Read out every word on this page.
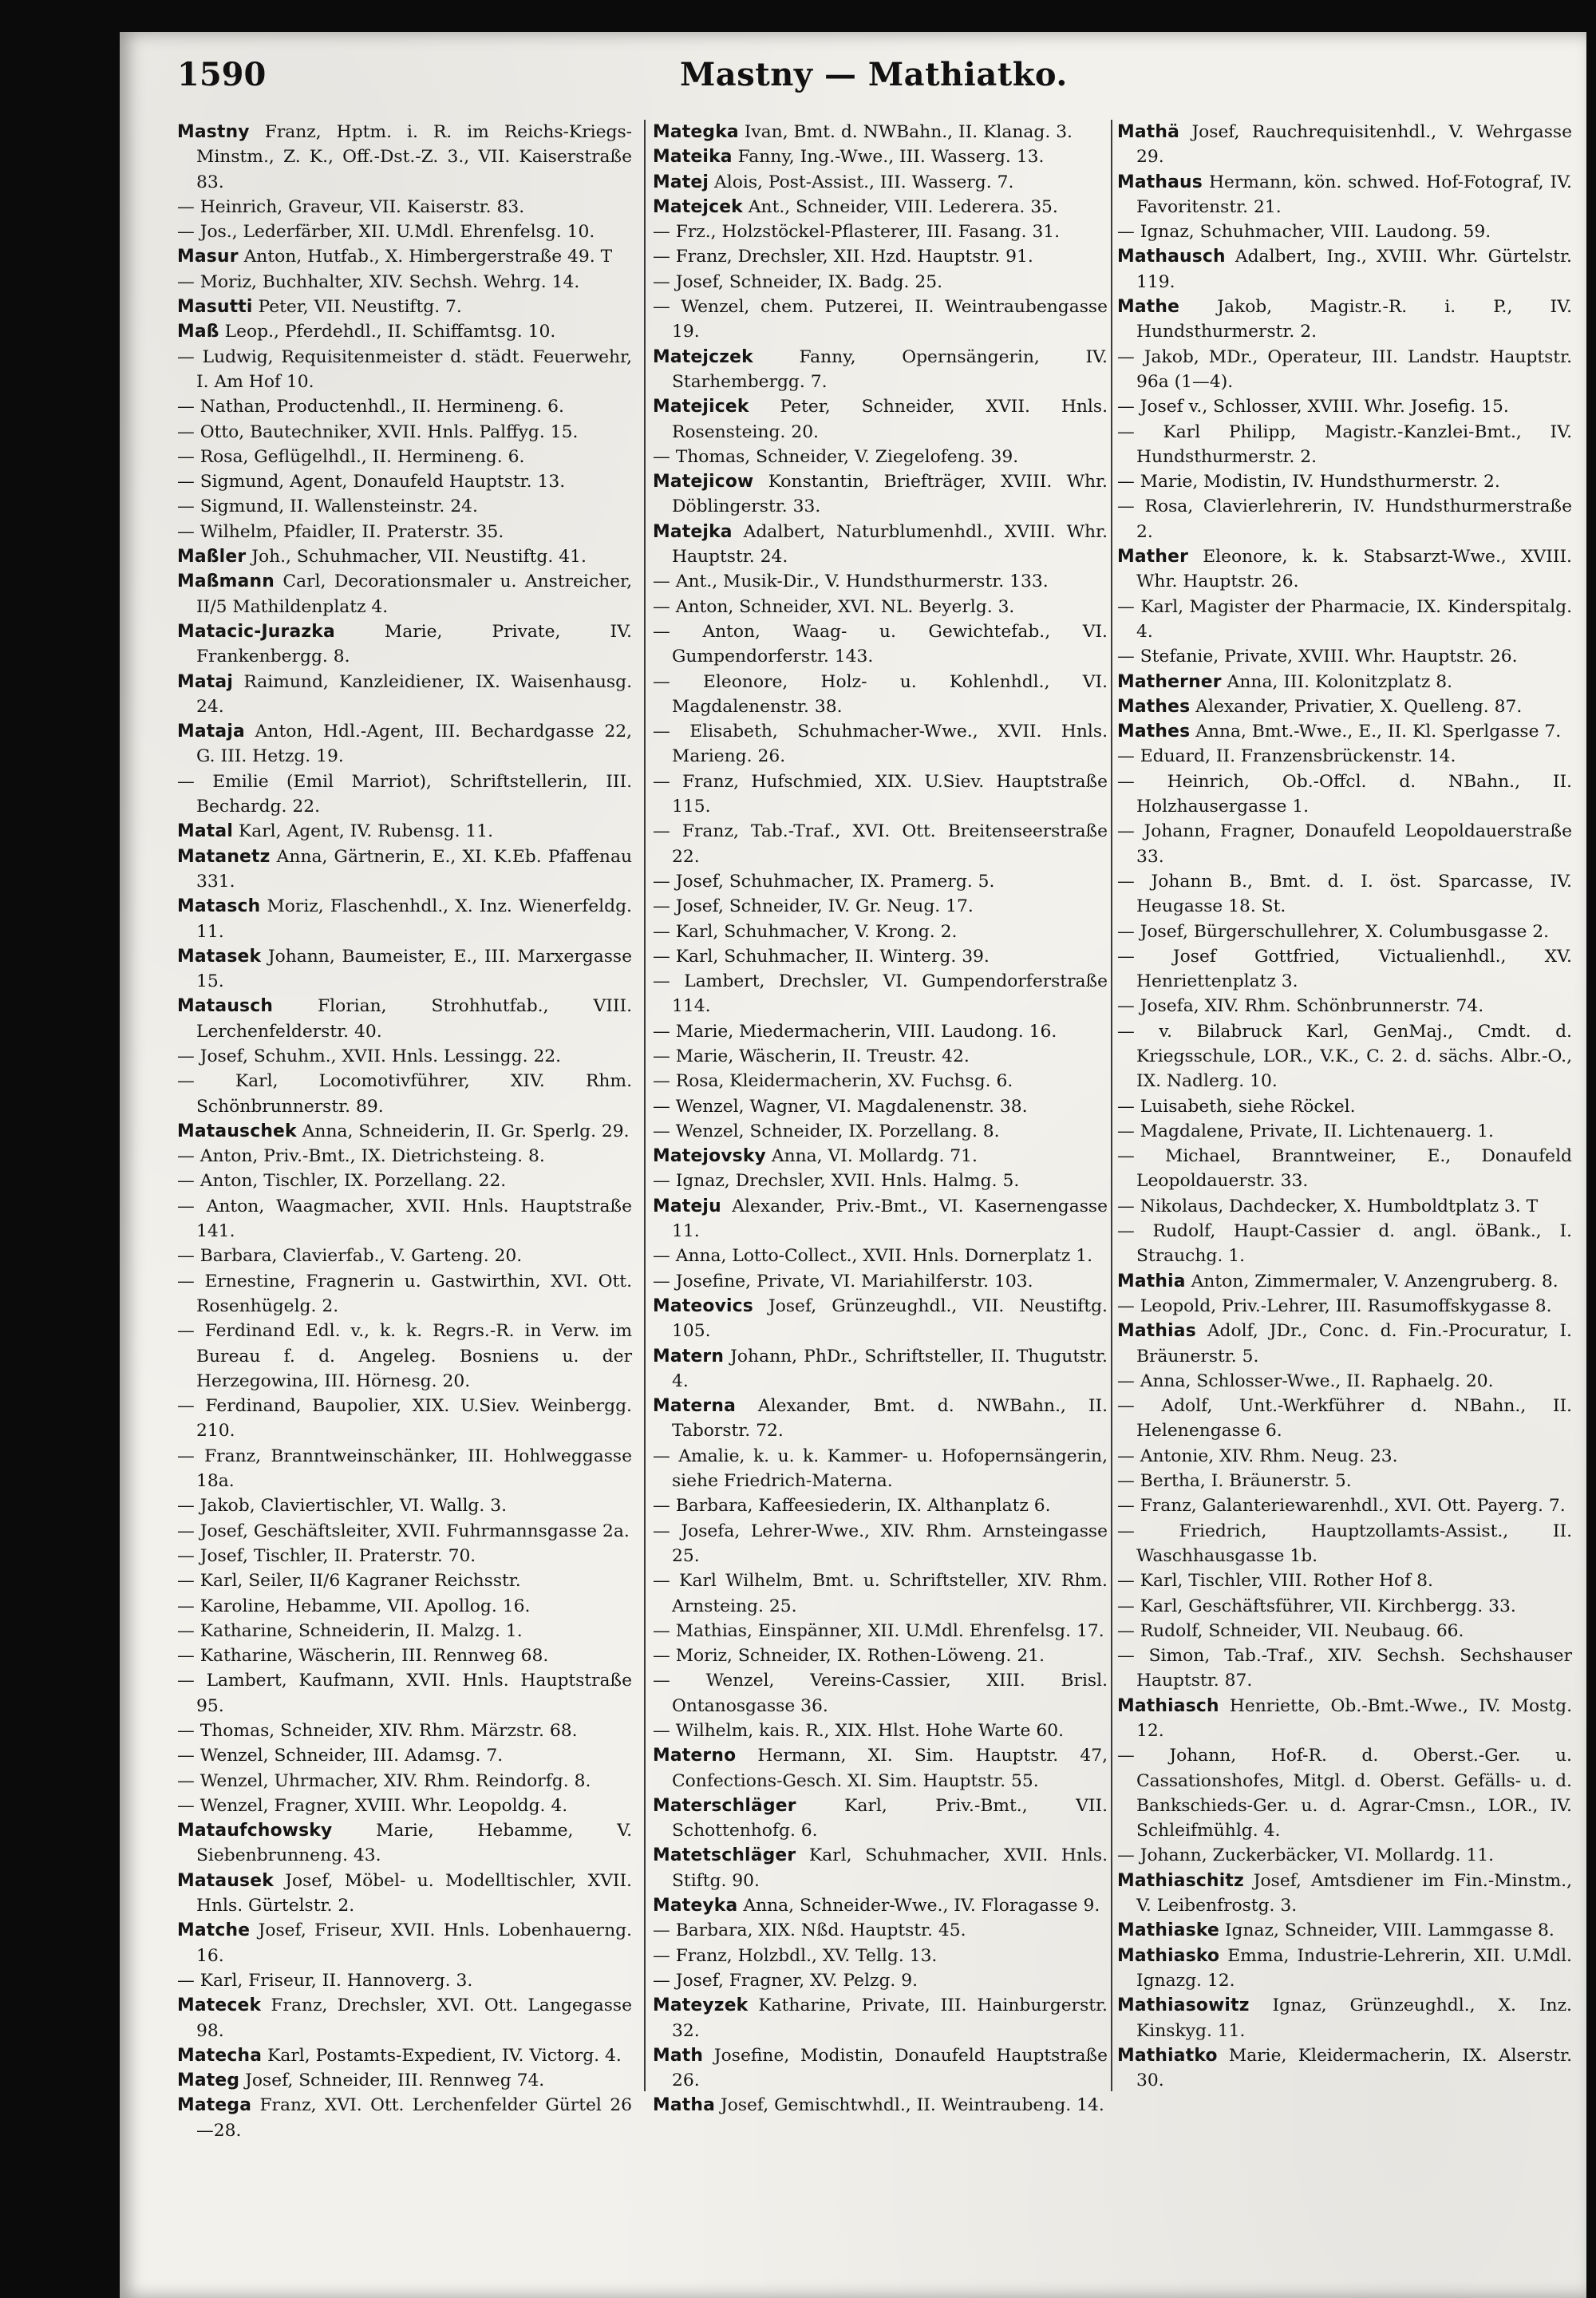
1590	Mastny — Mathiatko.

Mastny Franz, Hptm. i. R. im Reichs-Kriegs-Minstm., Z. K., Off.-Dst.-Z. 3., VII. Kaiserstraße 83.

— Heinrich, Graveur, VII. Kaiserstr. 83.

— Jos., Lederfärber, XII. U.Mdl. Ehrenfelsg. 10.

Masur Anton, Hutfab., X. Himbergerstraße 49. T

— Moriz, Buchhalter, XIV. Sechsh. Wehrg. 14.

Masutti Peter, VII. Neustiftg. 7.

Maß Leop., Pferdehdl., II. Schiffamtsg. 10.

— Ludwig, Requisitenmeister d. städt. Feuerwehr, I. Am Hof 10.

— Nathan, Productenhdl., II. Hermineng. 6.

— Otto, Bautechniker, XVII. Hnls. Palffyg. 15.

— Rosa, Geflügelhdl., II. Hermineng. 6.

— Sigmund, Agent, Donaufeld Hauptstr. 13.

— Sigmund, II. Wallensteinstr. 24.

— Wilhelm, Pfaidler, II. Praterstr. 35.

Maßler Joh., Schuhmacher, VII. Neustiftg. 41.

Maßmann Carl, Decorationsmaler u. Anstreicher, II/5 Mathildenplatz 4.

Matacic-Jurazka Marie, Private, IV. Frankenbergg. 8.

Mataj Raimund, Kanzleidiener, IX. Waisenhausg. 24.

Mataja Anton, Hdl.-Agent, III. Bechardgasse 22, G. III. Hetzg. 19.

— Emilie (Emil Marriot), Schriftstellerin, III. Bechardg. 22.

Matal Karl, Agent, IV. Rubensg. 11.

Matanetz Anna, Gärtnerin, E., XI. K.Eb. Pfaffenau 331.

Matasch Moriz, Flaschenhdl., X. Inz. Wienerfeldg. 11.

Matasek Johann, Baumeister, E., III. Marxergasse 15.

Matausch Florian, Strohhutfab., VIII. Lerchenfelderstr. 40.

— Josef, Schuhm., XVII. Hnls. Lessingg. 22.

— Karl, Locomotivführer, XIV. Rhm. Schönbrunnerstr. 89.

Matauschek Anna, Schneiderin, II. Gr. Sperlg. 29.

— Anton, Priv.-Bmt., IX. Dietrichsteing. 8.

— Anton, Tischler, IX. Porzellang. 22.

— Anton, Waagmacher, XVII. Hnls. Hauptstraße 141.

— Barbara, Clavierfab., V. Garteng. 20.

— Ernestine, Fragnerin u. Gastwirthin, XVI. Ott. Rosenhügelg. 2.

— Ferdinand Edl. v., k. k. Regrs.-R. in Verw. im Bureau f. d. Angeleg. Bosniens u. der Herzegowina, III. Hörnesg. 20.

— Ferdinand, Baupolier, XIX. U.Siev. Weinbergg. 210.

— Franz, Branntweinschänker, III. Hohlweggasse 18a.

— Jakob, Claviertischler, VI. Wallg. 3.

— Josef, Geschäftsleiter, XVII. Fuhrmannsgasse 2a.

— Josef, Tischler, II. Praterstr. 70.

— Karl, Seiler, II/6 Kagraner Reichsstr.

— Karoline, Hebamme, VII. Apollog. 16.

— Katharine, Schneiderin, II. Malzg. 1.

— Katharine, Wäscherin, III. Rennweg 68.

— Lambert, Kaufmann, XVII. Hnls. Hauptstraße 95.

— Thomas, Schneider, XIV. Rhm. Märzstr. 68.

— Wenzel, Schneider, III. Adamsg. 7.

— Wenzel, Uhrmacher, XIV. Rhm. Reindorfg. 8.

— Wenzel, Fragner, XVIII. Whr. Leopoldg. 4.

Mataufchowsky Marie, Hebamme, V. Siebenbrunneng. 43.

Matausek Josef, Möbel- u. Modelltischler, XVII. Hnls. Gürtelstr. 2.

Matche Josef, Friseur, XVII. Hnls. Lobenhauerng. 16.

— Karl, Friseur, II. Hannoverg. 3.

Matecek Franz, Drechsler, XVI. Ott. Langegasse 98.

Matecha Karl, Postamts-Expedient, IV. Victorg. 4.

Mateg Josef, Schneider, III. Rennweg 74.

Matega Franz, XVI. Ott. Lerchenfelder Gürtel 26—28.

Mategka Ivan, Bmt. d. NWBahn., II. Klanag. 3.

Mateika Fanny, Ing.-Wwe., III. Wasserg. 13.

Matej Alois, Post-Assist., III. Wasserg. 7.

Matejcek Ant., Schneider, VIII. Lederera. 35.

— Frz., Holzstöckel-Pflasterer, III. Fasang. 31.

— Franz, Drechsler, XII. Hzd. Hauptstr. 91.

— Josef, Schneider, IX. Badg. 25.

— Wenzel, chem. Putzerei, II. Weintraubengasse 19.

Matejczek Fanny, Opernsängerin, IV. Starhembergg. 7.

Matejicek Peter, Schneider, XVII. Hnls. Rosensteing. 20.

— Thomas, Schneider, V. Ziegelofeng. 39.

Matejicow Konstantin, Briefträger, XVIII. Whr. Döblingerstr. 33.

Matejka Adalbert, Naturblumenhdl., XVIII. Whr. Hauptstr. 24.

— Ant., Musik-Dir., V. Hundsthurmerstr. 133.

— Anton, Schneider, XVI. NL. Beyerlg. 3.

— Anton, Waag- u. Gewichtefab., VI. Gumpendorferstr. 143.

— Eleonore, Holz- u. Kohlenhdl., VI. Magdalenenstr. 38.

— Elisabeth, Schuhmacher-Wwe., XVII. Hnls. Marieng. 26.

— Franz, Hufschmied, XIX. U.Siev. Hauptstraße 115.

— Franz, Tab.-Traf., XVI. Ott. Breitenseerstraße 22.

— Josef, Schuhmacher, IX. Pramerg. 5.

— Josef, Schneider, IV. Gr. Neug. 17.

— Karl, Schuhmacher, V. Krong. 2.

— Karl, Schuhmacher, II. Winterg. 39.

— Lambert, Drechsler, VI. Gumpendorferstraße 114.

— Marie, Miedermacherin, VIII. Laudong. 16.

— Marie, Wäscherin, II. Treustr. 42.

— Rosa, Kleidermacherin, XV. Fuchsg. 6.

— Wenzel, Wagner, VI. Magdalenenstr. 38.

— Wenzel, Schneider, IX. Porzellang. 8.

Matejovsky Anna, VI. Mollardg. 71.

— Ignaz, Drechsler, XVII. Hnls. Halmg. 5.

Mateju Alexander, Priv.-Bmt., VI. Kasernengasse 11.

— Anna, Lotto-Collect., XVII. Hnls. Dornerplatz 1.

— Josefine, Private, VI. Mariahilferstr. 103.

Mateovics Josef, Grünzeughdl., VII. Neustiftg. 105.

Matern Johann, PhDr., Schriftsteller, II. Thugutstr. 4.

Materna Alexander, Bmt. d. NWBahn., II. Taborstr. 72.

— Amalie, k. u. k. Kammer- u. Hofopernsängerin, siehe Friedrich-Materna.

— Barbara, Kaffeesiederin, IX. Althanplatz 6.

— Josefa, Lehrer-Wwe., XIV. Rhm. Arnsteingasse 25.

— Karl Wilhelm, Bmt. u. Schriftsteller, XIV. Rhm. Arnsteing. 25.

— Mathias, Einspänner, XII. U.Mdl. Ehrenfelsg. 17.

— Moriz, Schneider, IX. Rothen-Löweng. 21.

— Wenzel, Vereins-Cassier, XIII. Brisl. Ontanosgasse 36.

— Wilhelm, kais. R., XIX. Hlst. Hohe Warte 60.

Materno Hermann, XI. Sim. Hauptstr. 47, Confections-Gesch. XI. Sim. Hauptstr. 55.

Materschläger Karl, Priv.-Bmt., VII. Schottenhofg. 6.

Matetschläger Karl, Schuhmacher, XVII. Hnls. Stiftg. 90.

Mateyka Anna, Schneider-Wwe., IV. Floragasse 9.

— Barbara, XIX. Nßd. Hauptstr. 45.

— Franz, Holzbdl., XV. Tellg. 13.

— Josef, Fragner, XV. Pelzg. 9.

Mateyzek Katharine, Private, III. Hainburgerstr. 32.

Math Josefine, Modistin, Donaufeld Hauptstraße 26.

Matha Josef, Gemischtwhdl., II. Weintraubeng. 14.

Mathä Josef, Rauchrequisitenhdl., V. Wehrgasse 29.

Mathaus Hermann, kön. schwed. Hof-Fotograf, IV. Favoritenstr. 21.

— Ignaz, Schuhmacher, VIII. Laudong. 59.

Mathausch Adalbert, Ing., XVIII. Whr. Gürtelstr. 119.

Mathe Jakob, Magistr.-R. i. P., IV. Hundsthurmerstr. 2.

— Jakob, MDr., Operateur, III. Landstr. Hauptstr. 96a (1—4).

— Josef v., Schlosser, XVIII. Whr. Josefig. 15.

— Karl Philipp, Magistr.-Kanzlei-Bmt., IV. Hundsthurmerstr. 2.

— Marie, Modistin, IV. Hundsthurmerstr. 2.

— Rosa, Clavierlehrerin, IV. Hundsthurmerstraße 2.

Mather Eleonore, k. k. Stabsarzt-Wwe., XVIII. Whr. Hauptstr. 26.

— Karl, Magister der Pharmacie, IX. Kinderspitalg. 4.

— Stefanie, Private, XVIII. Whr. Hauptstr. 26.

Matherner Anna, III. Kolonitzplatz 8.

Mathes Alexander, Privatier, X. Quelleng. 87.

Mathes Anna, Bmt.-Wwe., E., II. Kl. Sperlgasse 7.

— Eduard, II. Franzensbrückenstr. 14.

— Heinrich, Ob.-Offcl. d. NBahn., II. Holzhausergasse 1.

— Johann, Fragner, Donaufeld Leopoldauerstraße 33.

— Johann B., Bmt. d. I. öst. Sparcasse, IV. Heugasse 18. St.

— Josef, Bürgerschullehrer, X. Columbusgasse 2.

— Josef Gottfried, Victualienhdl., XV. Henriettenplatz 3.

— Josefa, XIV. Rhm. Schönbrunnerstr. 74.

— v. Bilabruck Karl, GenMaj., Cmdt. d. Kriegsschule, LOR., V.K., C. 2. d. sächs. Albr.-O., IX. Nadlerg. 10.

— Luisabeth, siehe Röckel.

— Magdalene, Private, II. Lichtenauerg. 1.

— Michael, Branntweiner, E., Donaufeld Leopoldauerstr. 33.

— Nikolaus, Dachdecker, X. Humboldtplatz 3. T

— Rudolf, Haupt-Cassier d. angl. öBank., I. Strauchg. 1.

Mathia Anton, Zimmermaler, V. Anzengruberg. 8.

— Leopold, Priv.-Lehrer, III. Rasumoffskygasse 8.

Mathias Adolf, JDr., Conc. d. Fin.-Procuratur, I. Bräunerstr. 5.

— Anna, Schlosser-Wwe., II. Raphaelg. 20.

— Adolf, Unt.-Werkführer d. NBahn., II. Helenengasse 6.

— Antonie, XIV. Rhm. Neug. 23.

— Bertha, I. Bräunerstr. 5.

— Franz, Galanteriewarenhdl., XVI. Ott. Payerg. 7.

— Friedrich, Hauptzollamts-Assist., II. Waschhausgasse 1b.

— Karl, Tischler, VIII. Rother Hof 8.

— Karl, Geschäftsführer, VII. Kirchbergg. 33.

— Rudolf, Schneider, VII. Neubaug. 66.

— Simon, Tab.-Traf., XIV. Sechsh. Sechshauser Hauptstr. 87.

Mathiasch Henriette, Ob.-Bmt.-Wwe., IV. Mostg. 12.

— Johann, Hof-R. d. Oberst.-Ger. u. Cassationshofes, Mitgl. d. Oberst. Gefälls- u. d. Bankschieds-Ger. u. d. Agrar-Cmsn., LOR., IV. Schleifmühlg. 4.

— Johann, Zuckerbäcker, VI. Mollardg. 11.

Mathiaschitz Josef, Amtsdiener im Fin.-Minstm., V. Leibenfrostg. 3.

Mathiaske Ignaz, Schneider, VIII. Lammgasse 8.

Mathiasko Emma, Industrie-Lehrerin, XII. U.Mdl. Ignazg. 12.

Mathiasowitz Ignaz, Grünzeughdl., X. Inz. Kinskyg. 11.

Mathiatko Marie, Kleidermacherin, IX. Alserstr. 30.
